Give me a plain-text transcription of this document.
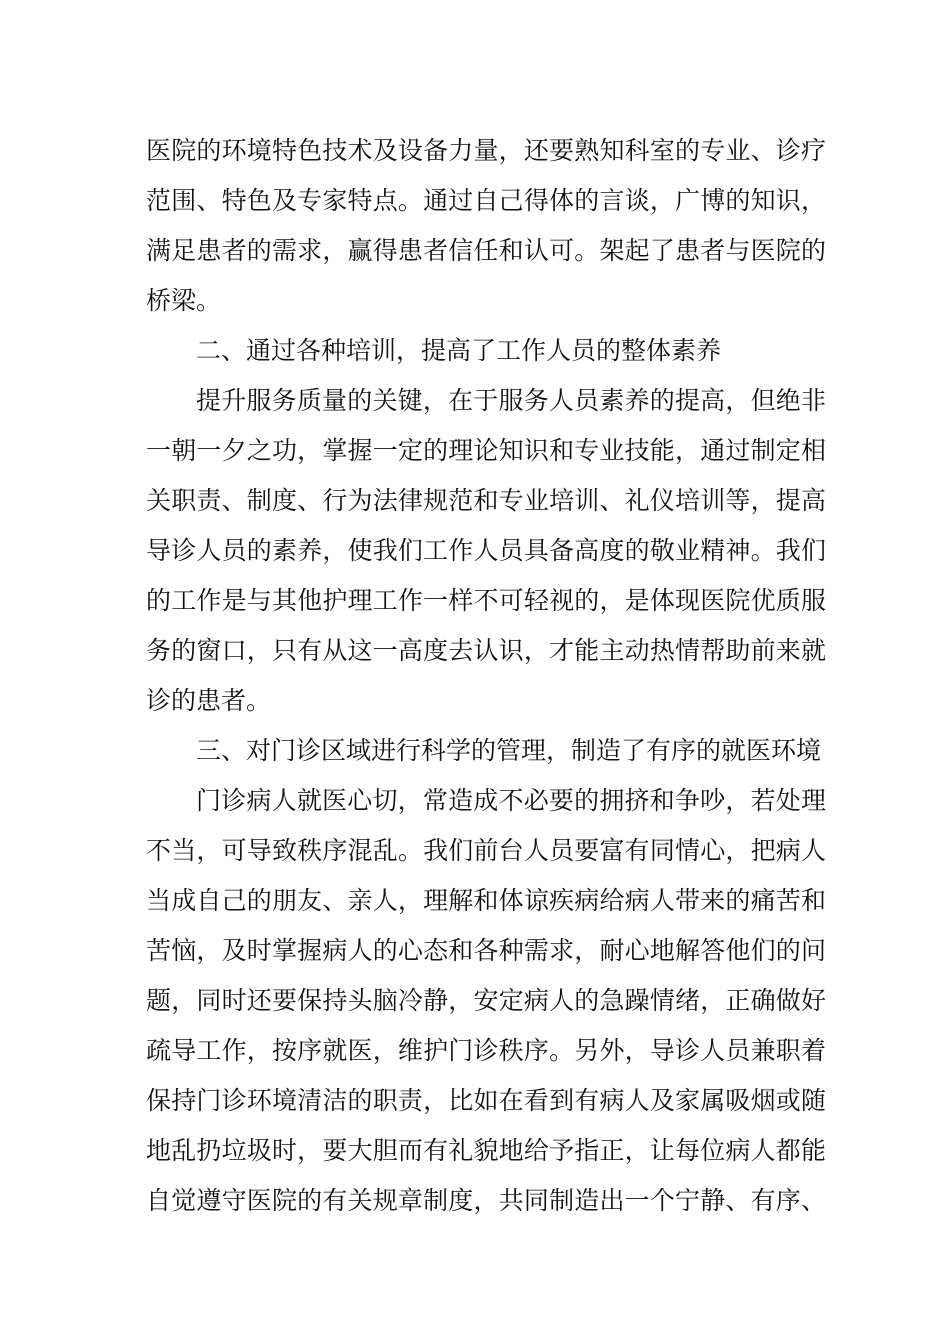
医院的环境特色技术及设备力量，还要熟知科室的专业、诊疗
范围、特色及专家特点。通过自己得体的言谈，广博的知识，
满足患者的需求，赢得患者信任和认可。架起了患者与医院的
桥梁。
二、通过各种培训，提高了工作人员的整体素养
提升服务质量的关键，在于服务人员素养的提高，但绝非
一朝一夕之功，掌握一定的理论知识和专业技能，通过制定相
关职责、制度、行为法律规范和专业培训、礼仪培训等，提高
导诊人员的素养，使我们工作人员具备高度的敬业精神。我们
的工作是与其他护理工作一样不可轻视的，是体现医院优质服
务的窗口，只有从这一高度去认识，才能主动热情帮助前来就
诊的患者。
三、对门诊区域进行科学的管理，制造了有序的就医环境
门诊病人就医心切，常造成不必要的拥挤和争吵，若处理
不当，可导致秩序混乱。我们前台人员要富有同情心，把病人
当成自己的朋友、亲人，理解和体谅疾病给病人带来的痛苦和
苦恼，及时掌握病人的心态和各种需求，耐心地解答他们的问
题，同时还要保持头脑冷静，安定病人的急躁情绪，正确做好
疏导工作，按序就医，维护门诊秩序。另外，导诊人员兼职着
保持门诊环境清洁的职责，比如在看到有病人及家属吸烟或随
地乱扔垃圾时，要大胆而有礼貌地给予指正，让每位病人都能
自觉遵守医院的有关规章制度，共同制造出一个宁静、有序、
